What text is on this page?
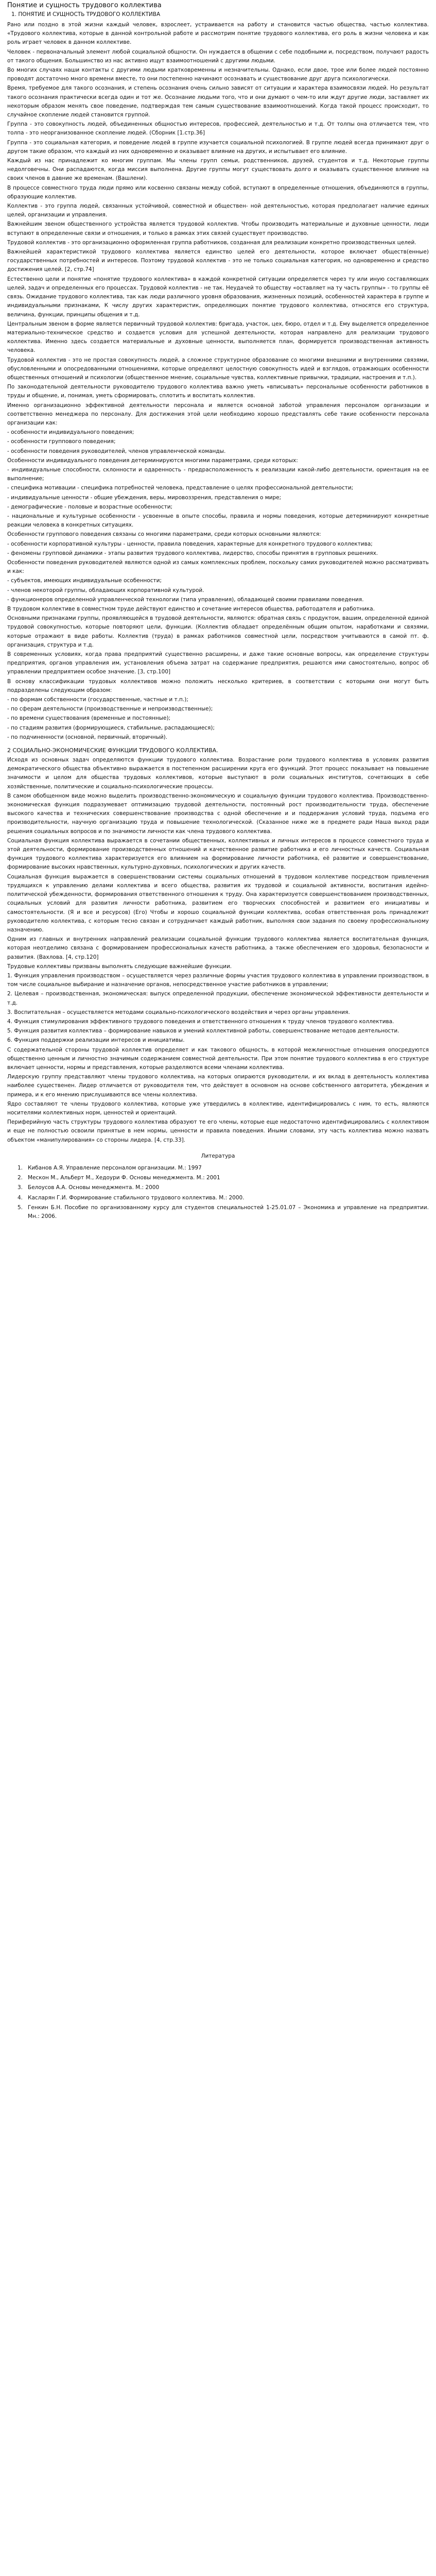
Понятие и сущность трудового коллектива
1. ПОНЯТИЕ И СУЩНОСТЬ ТРУДОВОГО КОЛЛЕКТИВА

Рано или поздно в этой жизни каждый человек, взрослеет, устраивается на работу и становится частью общества, частью коллектива. «Трудового коллектива, которые в данной контрольной работе и рассмотрим понятие трудового коллектива, его роль в жизни человека и как роль играет человек в данном коллективе.

Человек - первоначальный элемент любой социальной общности. Он нуждается в общении с себе подобными и, посредством, получают радость от такого общения. Большинство из нас активно ищут взаимоотношений с другими людьми.

Во многих случаях наши контакты с другими людьми кратковременны и незначительны. Однако, если двое, трое или более людей постоянно проводят достаточно много времени вместе, то они постепенно начинают осознавать и существование друг друга психологически.

Время, требуемое для такого осознания, и степень осознания очень сильно зависят от ситуации и характера взаимосвязи людей. Но результат такого осознания практически всегда один и тот же. Осознание людьми того, что и они думают о чем-то или ждут другие люди, заставляет их некоторым образом менять свое поведение, подтверждая тем самым существование взаимоотношений. Когда такой процесс происходит, то случайное скопление людей становится группой.

Группа - это совокупность людей, объединенных общностью интересов, профессией, деятельностью и т.д. От толпы она отличается тем, что толпа - это неорганизованное скопление людей. (Сборник [1.стр.36]

Группа - это социальная категория, и поведение людей в группе изучается социальной психологией. В группе людей всегда принимают друг о другом такие образом, что каждый из них одновременно и оказывает влияние на других, и испытывает его влияние.

Каждый из нас принадлежит ко многим группам. Мы члены групп семьи, родственников, друзей, студентов и т.д. Некоторые группы недолговечны. Они распадаются, когда миссия выполнена. Другие группы могут существовать долго и оказывать существенное влияние на своих членов в давние же временам. (Вашлени).

В процессе совместного труда люди прямо или косвенно связаны между собой, вступают в определенные отношения, объединяются в группы, образующие коллектив.

Коллектив - это группа людей, связанных устойчивой, совместной и обществен- ной деятельностью, которая предполагает наличие единых целей, организации и управления.

Важнейшим звеном общественного устройства является трудовой коллектив. Чтобы производить материальные и духовные ценности, люди вступают в определенные связи и отношения, и только в рамках этих связей существует производство.

Трудовой коллектив - это организационно оформленная группа работников, созданная для реализации конкретно производственных целей.

Важнейшей характеристикой трудового коллектива является единство целей его деятельности, которое включает обществ(енные) государственных потребностей и интересов. Поэтому трудовой коллектив - это не только социальная категория, но одновременно и средство достижения целей. [2, стр.74]

Естественно цели и понятие «понятие трудового коллектива» в каждой конкретной ситуации определяется через ту или иную составляющих целей, задач и определенных его процессах. Трудовой коллектив - не так. Неудачей то обществу «оставляет на ту часть группы» - то группы её связь. Ожидание трудового коллектива, так как люди различного уровня образования, жизненных позиций, особенностей характера в группе и индивидуальными признаками, К числу других характеристик, определяющих понятие трудового коллектива, относятся его структура, величина, функции, принципы общения и т.д.

Центральным звеном в форме является первичный трудовой коллектив: бригада, участок, цех, бюро, отдел и т.д. Ему выделяется определенное материально-техническое средство и создается условия для успешной деятельности, которая направлено для реализации трудового коллектива. Именно здесь создается материальные и духовные ценности, выполняется план, формируется производственная активность человека.

Трудовой коллектив - это не простая совокупность людей, а сложное структурное образование со многими внешними и внутренними связями, обусловленными и опосредованными отношениями, которые определяют целостную совокупность идей и взглядов, отражающих особенности общественных отношений и психологии (общественное мнение, социальные чувства, коллективные привычки, традиции, настроения и т.п.).

По законодательной деятельности руководителю трудового коллектива важно уметь «вписывать» персональные особенности работников в труды и общение, и, понимая, уметь сформировать, сплотить и воспитать коллектив.

Именно организационно эффективной деятельности персонала и является основной заботой управления персоналом организации и соответственно менеджера по персоналу. Для достижения этой цели необходимо хорошо представлять себе такие особенности персонала организации как:

- особенности индивидуального поведения;

- особенности группового поведения;

- особенности поведения руководителей, членов управленческой команды.

Особенности индивидуального поведения детерминируются многими параметрами, среди которых:

- индивидуальные способности, склонности и одаренность - предрасположенность к реализации какой-либо деятельности, ориентация на ее выполнение;

- специфика мотивации - специфика потребностей человека, представление о целях профессиональной деятельности;

- индивидуальные ценности - общие убеждения, веры, мировоззрения, представления о мире;

- демографические - половые и возрастные особенности;

- национальные и культурные особенности - усвоенные в опыте способы, правила и нормы поведения, которые детерминируют конкретные реакции человека в конкретных ситуациях.

Особенности группового поведения связаны со многими параметрами, среди которых основными являются:

- особенности корпоративной культуры - ценности, правила поведения, характерные для конкретного трудового коллектива;

- феномены групповой динамики - этапы развития трудового коллектива, лидерство, способы принятия в групповых решениях.

Особенности поведения руководителей являются одной из самых комплексных проблем, поскольку самих руководителей можно рассматривать и как:

- субъектов, имеющих индивидуальные особенности;

- членов некоторой группы, обладающих корпоративной культурой.

- функционеров определенной управленческой технологии (типа управления), обладающей своими правилами поведения.

В трудовом коллективе в совместном труде действуют единство и сочетание интересов общества, работодателя и работника.

Основными признаками группы, проявляющейся в трудовой деятельности, являются: обратная связь с продуктом, вашим, определенной единой трудовой совокупностью, которые повторяют цели, функции. (Коллектив обладает определённым общим опытом, наработками и связями, которые отражают в виде работы. Коллектив (труда) в рамках работников совместной цели, посредством учитываются в самой пт. ф. организация, структура и т.д.

В современных условиях, когда права предприятий существенно расширены, и даже такие основные вопросы, как определение структуры предприятия, органов управления им, установления объема затрат на содержание предприятия, решаются ими самостоятельно, вопрос об управлении предприятием особое значение. [3, стр.100]

В основу классификации трудовых коллективов можно положить несколько критериев, в соответствии с которыми они могут быть подразделены следующим образом:

- по формам собственности (государственные, частные и т.п.);

- по сферам деятельности (производственные и непроизводственные);

- по времени существования (временные и постоянные);

- по стадиям развития (формирующиеся, стабильные, распадающиеся);

- по подчиненности (основной, первичный, вторичный).

2 СОЦИАЛЬНО-ЭКОНОМИЧЕСКИЕ ФУНКЦИИ ТРУДОВОГО КОЛЛЕКТИВА.

Исходя из основных задач определяются функции трудового коллектива. Возрастание роли трудового коллектива в условиях развития демократического общества объективно выражается в постепенном расширении круга его функций. Этот процесс показывает на повышение значимости и целом для общества трудовых коллективов, которые выступают в роли социальных институтов, сочетающих в себе хозяйственные, политические и социально-психологические процессы.

В самом обобщенном виде можно выделить производственно-экономическую и социальную функции трудового коллектива. Производственно-экономическая функция подразумевает оптимизацию трудовой деятельности, постоянный рост производительности труда, обеспечение высокого качества и технических совершенствование производства с одной обеспечение и и поддержания условий труда, подъема его производительности, научную организацию труда и повышение технологической. (Сказанное ниже же в предмете ради Наша выход ради решения социальных вопросов и по значимости личности как члена трудового коллектива.

Социальная функция коллектива выражается в сочетании общественных, коллективных и личных интересов в процессе совместного труда и этой деятельности, формирование производственных отношений и качественное развитие работника и его личностных качеств. Социальная функция трудового коллектива характеризуется его влиянием на формирование личности работника, её развитие и совершенствование, формирование высоких нравственных, культурно-духовных, психологических и других качеств.

Социальная функция выражается в совершенствовании системы социальных отношений в трудовом коллективе посредством привлечения трудящихся к управлению делами коллектива и всего общества, развития их трудовой и социальной активности, воспитания идейно-политической убежденности, формирования ответственного отношения к труду. Она характеризуется совершенствованием производственных, социальных условий для развития личности работника, развитием его творческих способностей и развитием его инициативы и самостоятельности. (Я и все и ресурсов) (Его) Чтобы и хорошо социальной функции коллектива, особая ответственная роль принадлежит руководителю коллектива, с которым тесно связан и сотрудничает каждый работник, выполняя свои задания по своему профессиональному назначению.

Одним из главных и внутренних направлений реализации социальной функции трудового коллектива является воспитательная функция, которая неотделимо связана с формированием профессиональных качеств работника, а также обеспечением его здоровья, безопасности и развития. (Вахлова. [4, стр.120]

Трудовые коллективы призваны выполнять следующие важнейшие функции.

1. Функция управления производством – осуществляется через различные формы участия трудового коллектива в управлении производством, в том числе социальное выбирание и назначение органов, непосредственное участие работников в управлении;

2. Целевая – производственная, экономическая: выпуск определенной продукции, обеспечение экономической эффективности деятельности и т.д.

3. Воспитательная – осуществляется методами социально-психологического воздействия и через органы управления.

4. Функция стимулирования эффективного трудового поведения и ответственного отношения к труду членов трудового коллектива.

5. Функция развития коллектива – формирование навыков и умений коллективной работы, совершенствование методов деятельности.

6. Функция поддержки реализации интересов и инициативы.

С содержательной стороны трудовой коллектив определяет и как такового общность, в которой межличностные отношения опосредуются общественно ценным и личностно значимым содержанием совместной деятельности. При этом понятие трудового коллектива в его структуре включает ценности, нормы и представления, которые разделяются всеми членами коллектива.

Лидерскую группу представляют члены трудового коллектива, на которых опираются руководители, и их вклад в деятельность коллектива наиболее существенен. Лидер отличается от руководителя тем, что действует в основном на основе собственного авторитета, убеждения и примера, и к его мнению прислушиваются все члены коллектива.

Ядро составляют те члены трудового коллектива, которые уже утвердились в коллективе, идентифицировались с ним, то есть, являются носителями коллективных норм, ценностей и ориентаций.

Периферийную часть структуры трудового коллектива образуют те его члены, которые еще недостаточно идентифицировались с коллективом и еще не полностью освоили принятые в нем нормы, ценности и правила поведения. Иными словами, эту часть коллектива можно назвать объектом «манипулирования» со стороны лидера. [4, стр.33].

Литература
1. Кибанов А.Я. Управление персоналом организации. М.: 1997
2. Мескон М., Альберт М., Хедоури Ф. Основы менеджмента. М.: 2001
3. Белоусов А.А. Основы менеджмента. М.: 2000
4. Касларян Г.И. Формирование стабильного трудового коллектива. М.: 2000.
5. Генкин Б.Н. Пособие по организованному курсу для студентов специальностей 1-25.01.07 – Экономика и управление на предприятии. Мн.: 2006.
